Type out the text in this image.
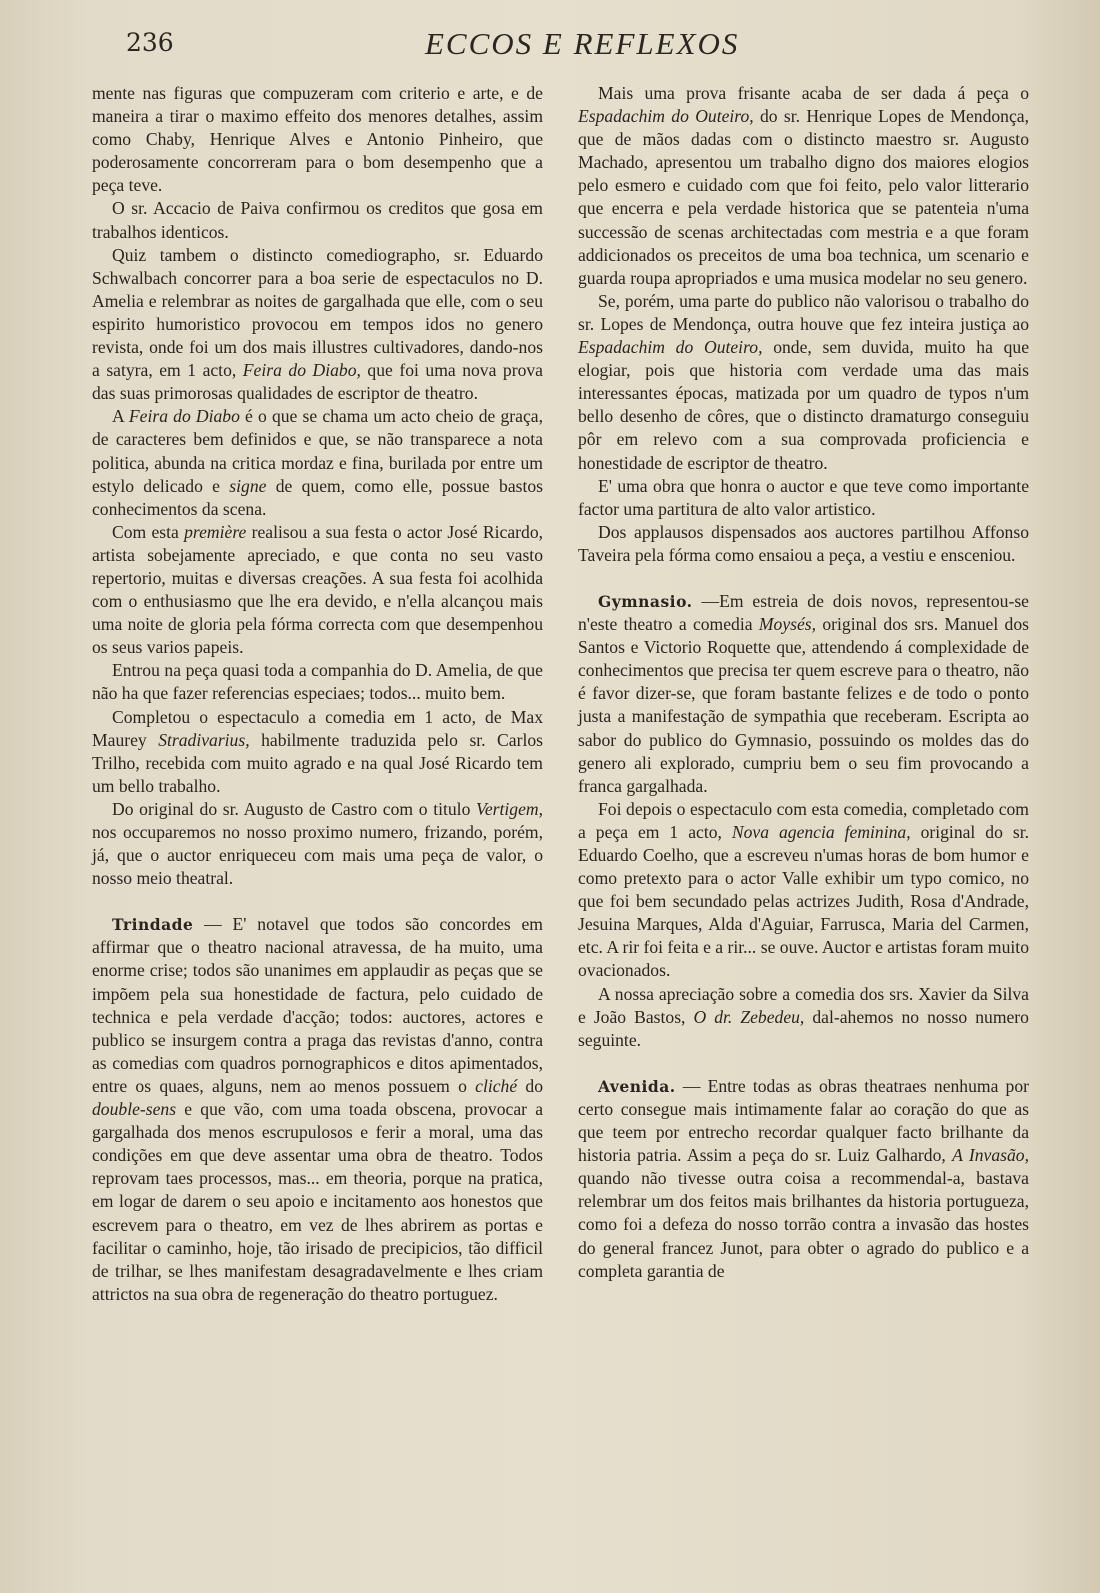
236	ECCOS E REFLEXOS

mente nas figuras que compuzeram com criterio e arte, e de maneira a tirar o maximo effeito dos menores detalhes, assim como Chaby, Henrique Alves e Antonio Pinheiro, que poderosamente concorreram para o bom desempenho que a peça teve.

O sr. Accacio de Paiva confirmou os creditos que gosa em trabalhos identicos.

Quiz tambem o distincto comediographo, sr. Eduardo Schwalbach concorrer para a boa serie de espectaculos no D. Amelia e relembrar as noites de gargalhada que elle, com o seu espirito humoristico provocou em tempos idos no genero revista, onde foi um dos mais illustres cultivadores, dando-nos a satyra, em 1 acto, Feira do Diabo, que foi uma nova prova das suas primorosas qualidades de escriptor de theatro.

A Feira do Diabo é o que se chama um acto cheio de graça, de caracteres bem definidos e que, se não transparece a nota politica, abunda na critica mordaz e fina, burilada por entre um estylo delicado e signe de quem, como elle, possue bastos conhecimentos da scena.

Com esta première realisou a sua festa o actor José Ricardo, artista sobejamente apreciado, e que conta no seu vasto repertorio, muitas e diversas creações. A sua festa foi acolhida com o enthusiasmo que lhe era devido, e n'ella alcançou mais uma noite de gloria pela fórma correcta com que desempenhou os seus varios papeis.

Entrou na peça quasi toda a companhia do D. Amelia, de que não ha que fazer referencias especiaes; todos... muito bem.

Completou o espectaculo a comedia em 1 acto, de Max Maurey Stradivarius, habilmente traduzida pelo sr. Carlos Trilho, recebida com muito agrado e na qual José Ricardo tem um bello trabalho.

Do original do sr. Augusto de Castro com o titulo Vertigem, nos occuparemos no nosso proximo numero, frizando, porém, já, que o auctor enriqueceu com mais uma peça de valor, o nosso meio theatral.

Trindade — E' notavel que todos são concordes em affirmar que o theatro nacional atravessa, de ha muito, uma enorme crise; todos são unanimes em applaudir as peças que se impõem pela sua honestidade de factura, pelo cuidado de technica e pela verdade d'acção; todos: auctores, actores e publico se insurgem contra a praga das revistas d'anno, contra as comedias com quadros pornographicos e ditos apimentados, entre os quaes, alguns, nem ao menos possuem o cliché do double-sens e que vão, com uma toada obscena, provocar a gargalhada dos menos escrupulosos e ferir a moral, uma das condições em que deve assentar uma obra de theatro. Todos reprovam taes processos, mas... em theoria, porque na pratica, em logar de darem o seu apoio e incitamento aos honestos que escrevem para o theatro, em vez de lhes abrirem as portas e facilitar o caminho, hoje, tão irisado de precipicios, tão difficil de trilhar, se lhes manifestam desagradavelmente e lhes criam attrictos na sua obra de regeneração do theatro portuguez.

Mais uma prova frisante acaba de ser dada á peça o Espadachim do Outeiro, do sr. Henrique Lopes de Mendonça, que de mãos dadas com o distincto maestro sr. Augusto Machado, apresentou um trabalho digno dos maiores elogios pelo esmero e cuidado com que foi feito, pelo valor litterario que encerra e pela verdade historica que se patenteia n'uma successão de scenas architectadas com mestria e a que foram addicionados os preceitos de uma boa technica, um scenario e guarda roupa apropriados e uma musica modelar no seu genero.

Se, porém, uma parte do publico não valorisou o trabalho do sr. Lopes de Mendonça, outra houve que fez inteira justiça ao Espadachim do Outeiro, onde, sem duvida, muito ha que elogiar, pois que historia com verdade uma das mais interessantes épocas, matizada por um quadro de typos n'um bello desenho de côres, que o distincto dramaturgo conseguiu pôr em relevo com a sua comprovada proficiencia e honestidade de escriptor de theatro.

E' uma obra que honra o auctor e que teve como importante factor uma partitura de alto valor artistico.

Dos applausos dispensados aos auctores partilhou Affonso Taveira pela fórma como ensaiou a peça, a vestiu e ensceniou.

Gymnasio. —Em estreia de dois novos, representou-se n'este theatro a comedia Moysés, original dos srs. Manuel dos Santos e Victorio Roquette que, attendendo á complexidade de conhecimentos que precisa ter quem escreve para o theatro, não é favor dizer-se, que foram bastante felizes e de todo o ponto justa a manifestação de sympathia que receberam. Escripta ao sabor do publico do Gymnasio, possuindo os moldes das do genero ali explorado, cumpriu bem o seu fim provocando a franca gargalhada.

Foi depois o espectaculo com esta comedia, completado com a peça em 1 acto, Nova agencia feminina, original do sr. Eduardo Coelho, que a escreveu n'umas horas de bom humor e como pretexto para o actor Valle exhibir um typo comico, no que foi bem secundado pelas actrizes Judith, Rosa d'Andrade, Jesuina Marques, Alda d'Aguiar, Farrusca, Maria del Carmen, etc. A rir foi feita e a rir... se ouve. Auctor e artistas foram muito ovacionados.

A nossa apreciação sobre a comedia dos srs. Xavier da Silva e João Bastos, O dr. Zebedeu, dal-ahemos no nosso numero seguinte.

Avenida. — Entre todas as obras theatraes nenhuma por certo consegue mais intimamente falar ao coração do que as que teem por entrecho recordar qualquer facto brilhante da historia patria. Assim a peça do sr. Luiz Galhardo, A Invasão, quando não tivesse outra coisa a recommendal-a, bastava relembrar um dos feitos mais brilhantes da historia portugueza, como foi a defeza do nosso torrão contra a invasão das hostes do general francez Junot, para obter o agrado do publico e a completa garantia de
